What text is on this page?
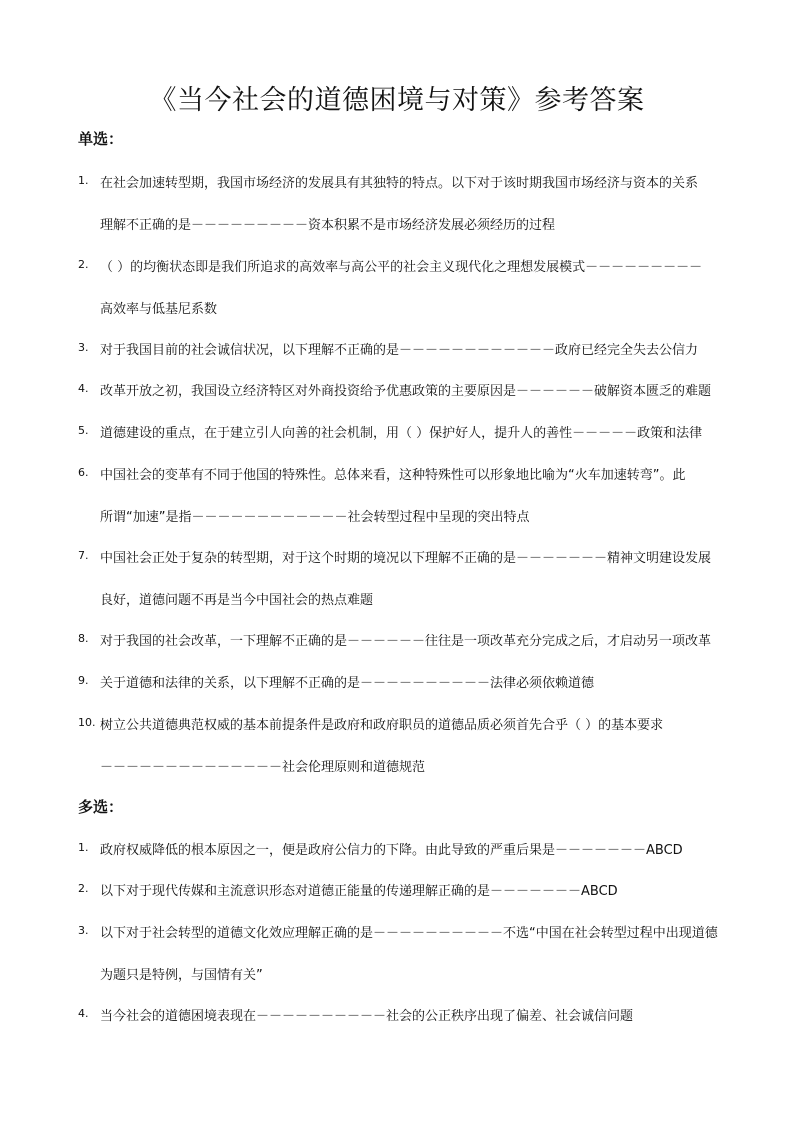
《当今社会的道德困境与对策》参考答案
单选：
1. 在社会加速转型期，我国市场经济的发展具有其独特的特点。以下对于该时期我国市场经济与资本的关系
理解不正确的是－－－－－－－－－资本积累不是市场经济发展必须经历的过程
2. （ ）的均衡状态即是我们所追求的高效率与高公平的社会主义现代化之理想发展模式－－－－－－－－－
高效率与低基尼系数
3. 对于我国目前的社会诚信状况，以下理解不正确的是－－－－－－－－－－－－政府已经完全失去公信力
4. 改革开放之初，我国设立经济特区对外商投资给予优惠政策的主要原因是－－－－－－破解资本匮乏的难题
5. 道德建设的重点，在于建立引人向善的社会机制，用（ ）保护好人，提升人的善性－－－－－政策和法律
6. 中国社会的变革有不同于他国的特殊性。总体来看，这种特殊性可以形象地比喻为“火车加速转弯”。此
所谓“加速”是指－－－－－－－－－－－－社会转型过程中呈现的突出特点
7. 中国社会正处于复杂的转型期，对于这个时期的境况以下理解不正确的是－－－－－－－精神文明建设发展
良好，道德问题不再是当今中国社会的热点难题
8. 对于我国的社会改革，一下理解不正确的是－－－－－－往往是一项改革充分完成之后，才启动另一项改革
9. 关于道德和法律的关系，以下理解不正确的是－－－－－－－－－－法律必须依赖道德
10. 树立公共道德典范权威的基本前提条件是政府和政府职员的道德品质必须首先合乎（ ）的基本要求
－－－－－－－－－－－－－－社会伦理原则和道德规范
多选：
1. 政府权威降低的根本原因之一，便是政府公信力的下降。由此导致的严重后果是－－－－－－－ABCD
2. 以下对于现代传媒和主流意识形态对道德正能量的传递理解正确的是－－－－－－－ABCD
3. 以下对于社会转型的道德文化效应理解正确的是－－－－－－－－－－不选“中国在社会转型过程中出现道德
为题只是特例，与国情有关”
4. 当今社会的道德困境表现在－－－－－－－－－－社会的公正秩序出现了偏差、社会诚信问题
